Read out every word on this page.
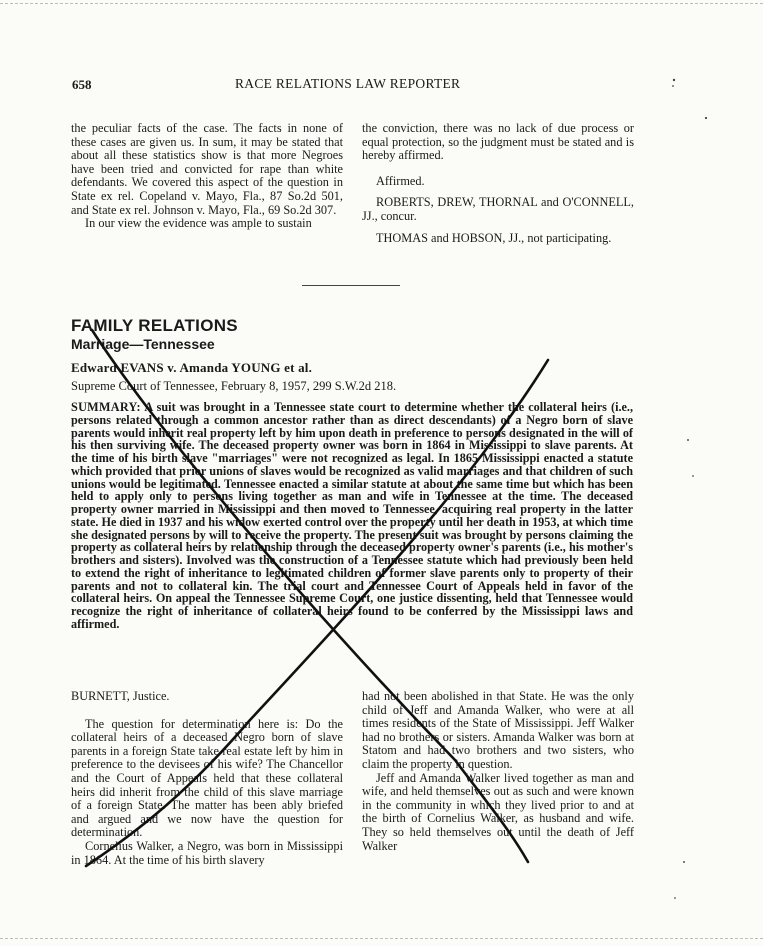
658	RACE RELATIONS LAW REPORTER

the peculiar facts of the case. The facts in none of these cases are given us. In sum, it may be stated that about all these statistics show is that more Negroes have been tried and convicted for rape than white defendants. We covered this aspect of the question in State ex rel. Copeland v. Mayo, Fla., 87 So.2d 501, and State ex rel. Johnson v. Mayo, Fla., 69 So.2d 307.

In our view the evidence was ample to sustain

the conviction, there was no lack of due process or equal protection, so the judgment must be stated and is hereby affirmed.

Affirmed.

ROBERTS, DREW, THORNAL and O'CONNELL, JJ., concur.

THOMAS and HOBSON, JJ., not participating.

FAMILY RELATIONS
Marriage—Tennessee
Edward EVANS v. Amanda YOUNG et al.
Supreme Court of Tennessee, February 8, 1957, 299 S.W.2d 218.

SUMMARY: A suit was brought in a Tennessee state court to determine whether the collateral heirs (i.e., persons related through a common ancestor rather than as direct descendants) of a Negro born of slave parents would inherit real property left by him upon death in preference to persons designated in the will of his then surviving wife. The deceased property owner was born in 1864 in Mississippi to slave parents. At the time of his birth slave "marriages" were not recognized as legal. In 1865 Mississippi enacted a statute which provided that prior unions of slaves would be recognized as valid marriages and that children of such unions would be legitimated. Tennessee enacted a similar statute at about the same time but which has been held to apply only to persons living together as man and wife in Tennessee at the time. The deceased property owner married in Mississippi and then moved to Tennessee, acquiring real property in the latter state. He died in 1937 and his widow exerted control over the property until her death in 1953, at which time she designated persons by will to receive the property. The present suit was brought by persons claiming the property as collateral heirs by relationship through the deceased property owner's parents (i.e., his mother's brothers and sisters). Involved was the construction of a Tennessee statute which had previously been held to extend the right of inheritance to legitimated children of former slave parents only to property of their parents and not to collateral kin. The trial court and Tennessee Court of Appeals held in favor of the collateral heirs. On appeal the Tennessee Supreme Court, one justice dissenting, held that Tennessee would recognize the right of inheritance of collateral heirs found to be conferred by the Mississippi laws and affirmed.

BURNETT, Justice.

The question for determination here is: Do the collateral heirs of a deceased Negro born of slave parents in a foreign State take real estate left by him in preference to the devisees of his wife? The Chancellor and the Court of Appeals held that these collateral heirs did inherit from the child of this slave marriage of a foreign State. The matter has been ably briefed and argued and we now have the question for determination.

Cornelius Walker, a Negro, was born in Mississippi in 1864. At the time of his birth slavery

had not been abolished in that State. He was the only child of Jeff and Amanda Walker, who were at all times residents of the State of Mississippi. Jeff Walker had no brothers or sisters. Amanda Walker was born at Statom and had two brothers and two sisters, who claim the property in question.

Jeff and Amanda Walker lived together as man and wife, and held themselves out as such and were known in the community in which they lived prior to and at the birth of Cornelius Walker, as husband and wife. They so held themselves out until the death of Jeff Walker
